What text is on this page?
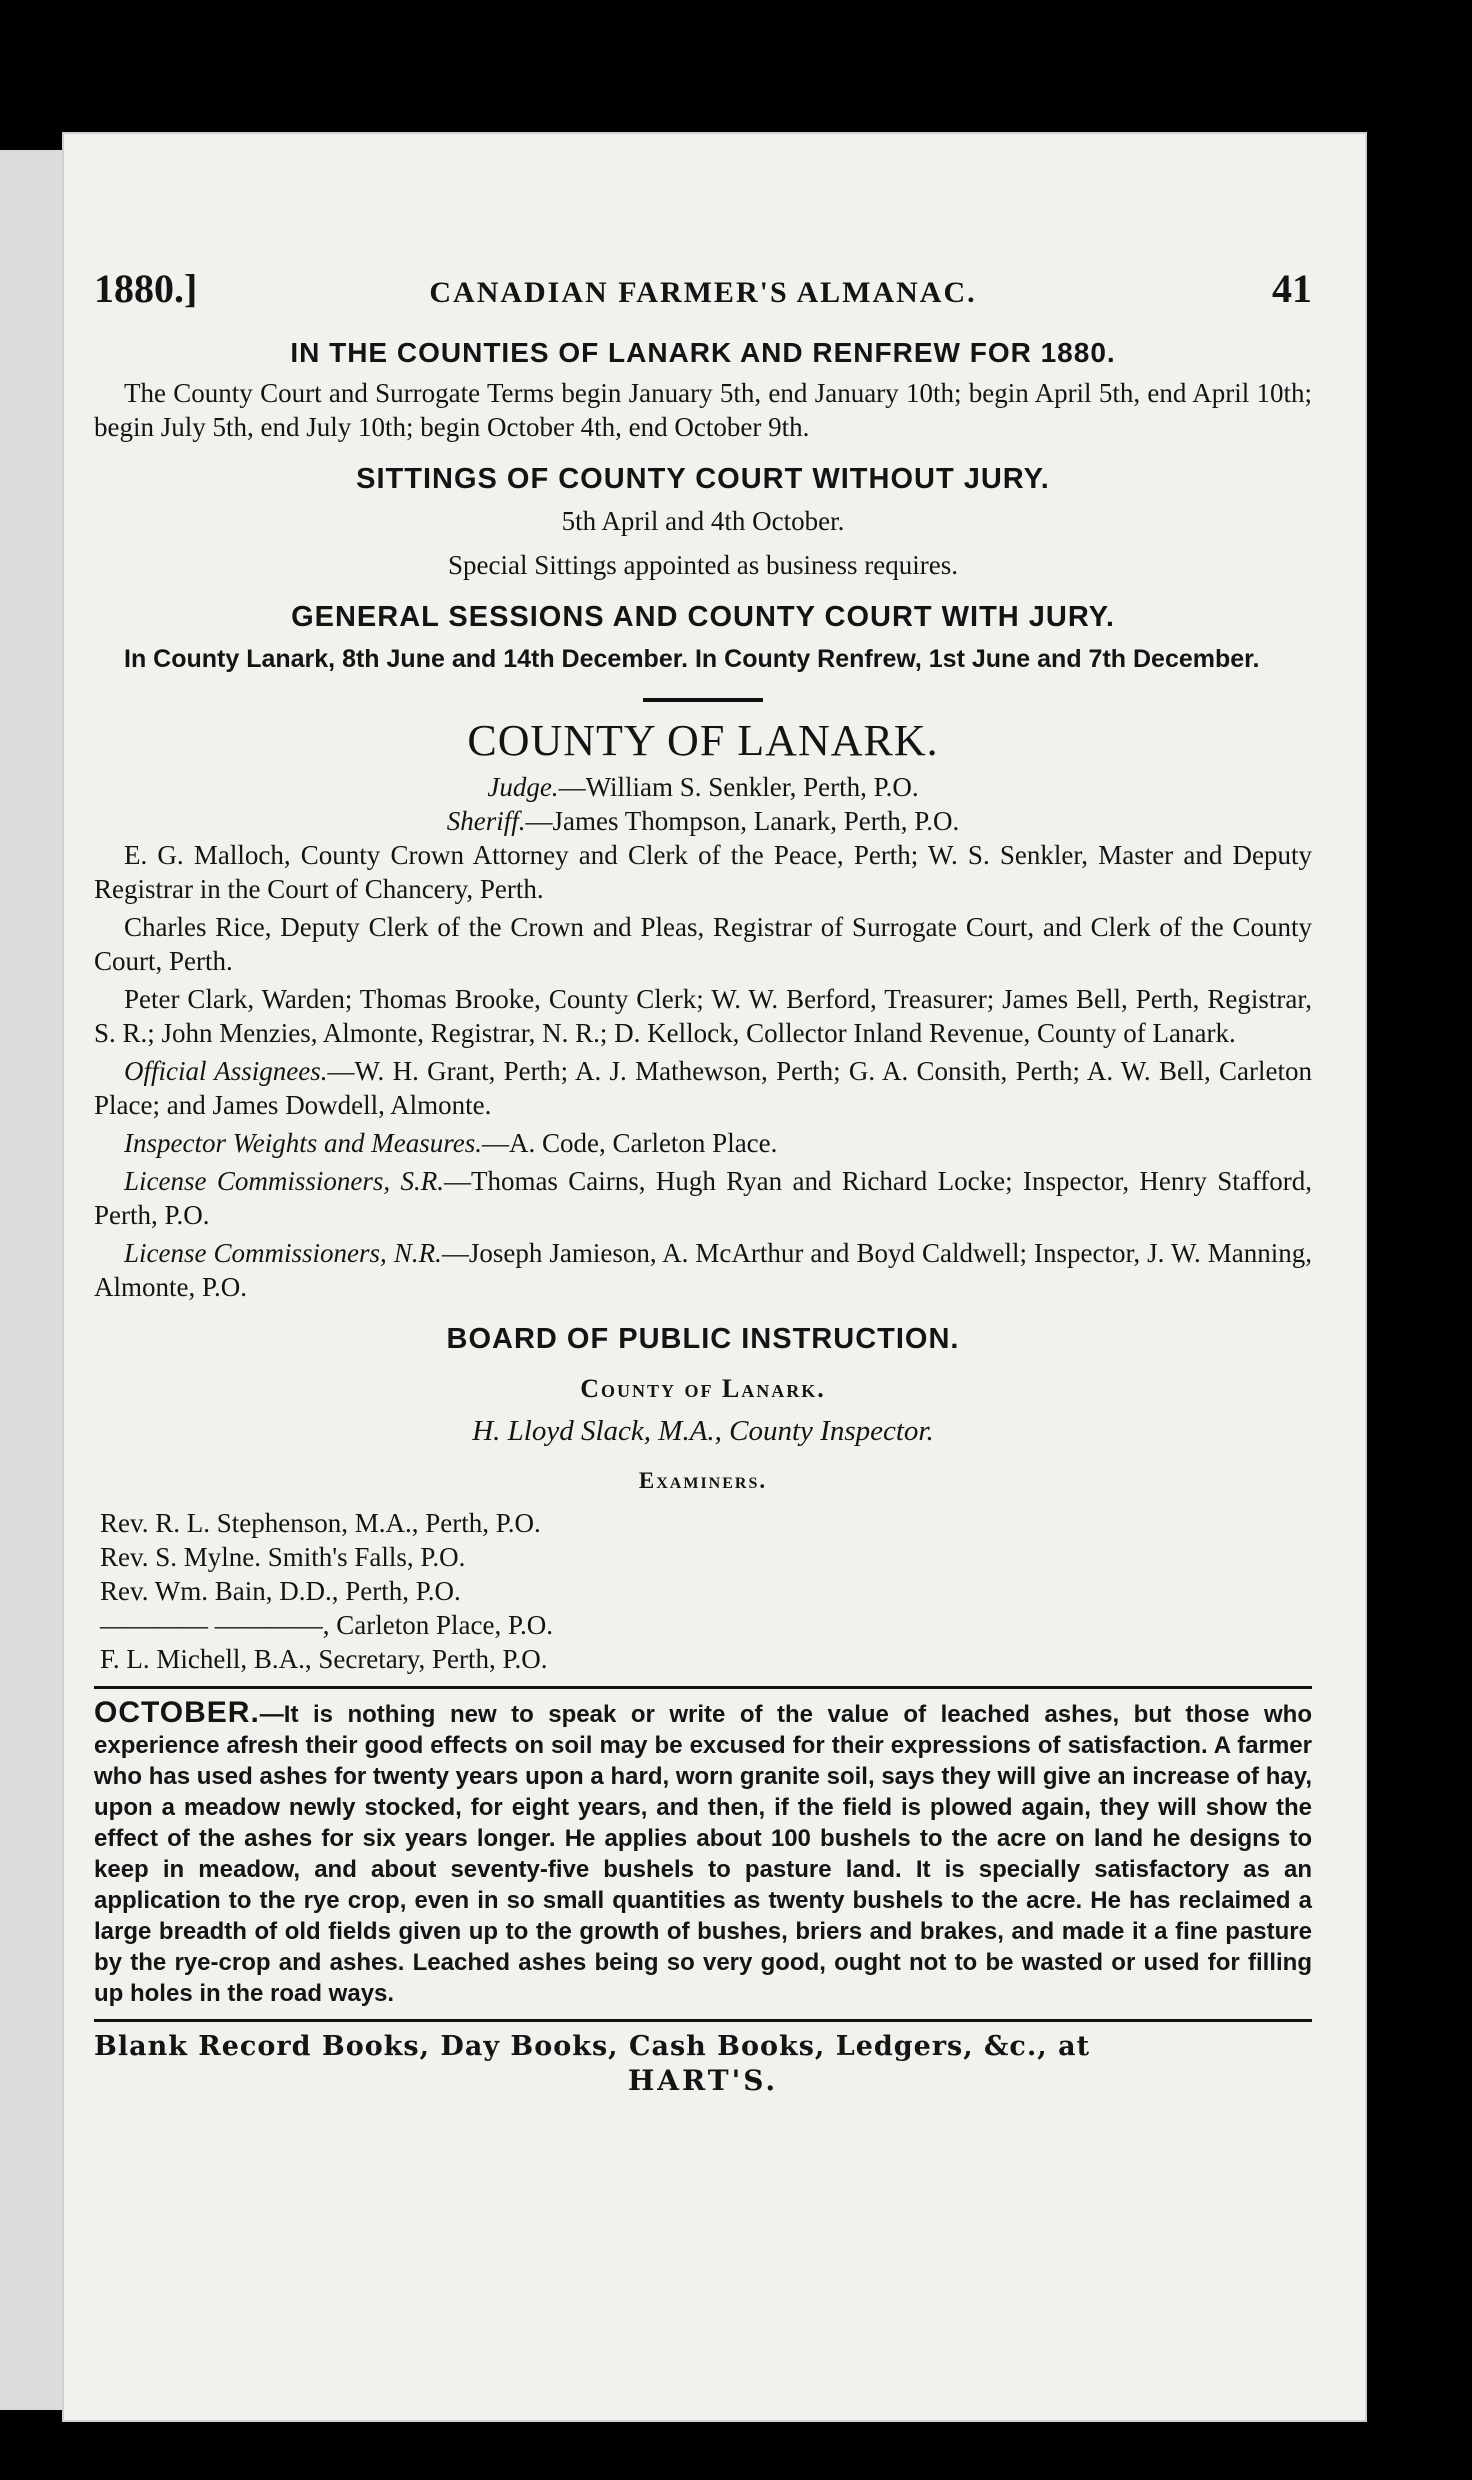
1880.]	CANADIAN FARMER'S ALMANAC.	41
IN THE COUNTIES OF LANARK AND RENFREW FOR 1880.

The County Court and Surrogate Terms begin January 5th, end January 10th; begin April 5th, end April 10th; begin July 5th, end July 10th; begin October 4th, end October 9th.

SITTINGS OF COUNTY COURT WITHOUT JURY.
5th April and 4th October.
Special Sittings appointed as business requires.
GENERAL SESSIONS AND COUNTY COURT WITH JURY.

In County Lanark, 8th June and 14th December. In County Renfrew, 1st June and 7th December.

COUNTY OF LANARK.
Judge.—William S. Senkler, Perth, P.O.
Sheriff.—James Thompson, Lanark, Perth, P.O.

E. G. Malloch, County Crown Attorney and Clerk of the Peace, Perth; W. S. Senkler, Master and Deputy Registrar in the Court of Chancery, Perth.

Charles Rice, Deputy Clerk of the Crown and Pleas, Registrar of Surrogate Court, and Clerk of the County Court, Perth.

Peter Clark, Warden; Thomas Brooke, County Clerk; W. W. Berford, Treasurer; James Bell, Perth, Registrar, S. R.; John Menzies, Almonte, Registrar, N. R.; D. Kellock, Collector Inland Revenue, County of Lanark.

Official Assignees.—W. H. Grant, Perth; A. J. Mathewson, Perth; G. A. Consith, Perth; A. W. Bell, Carleton Place; and James Dowdell, Almonte.

Inspector Weights and Measures.—A. Code, Carleton Place.

License Commissioners, S.R.—Thomas Cairns, Hugh Ryan and Richard Locke; Inspector, Henry Stafford, Perth, P.O.

License Commissioners, N.R.—Joseph Jamieson, A. McArthur and Boyd Caldwell; Inspector, J. W. Manning, Almonte, P.O.

BOARD OF PUBLIC INSTRUCTION.
County of Lanark.
H. Lloyd Slack, M.A., County Inspector.
Examiners.
Rev. R. L. Stephenson, M.A., Perth, P.O.
Rev. S. Mylne. Smith's Falls, P.O.
Rev. Wm. Bain, D.D., Perth, P.O.
———— ————, Carleton Place, P.O.
F. L. Michell, B.A., Secretary, Perth, P.O.

OCTOBER.—It is nothing new to speak or write of the value of leached ashes, but those who experience afresh their good effects on soil may be excused for their expressions of satisfaction. A farmer who has used ashes for twenty years upon a hard, worn granite soil, says they will give an increase of hay, upon a meadow newly stocked, for eight years, and then, if the field is plowed again, they will show the effect of the ashes for six years longer. He applies about 100 bushels to the acre on land he designs to keep in meadow, and about seventy-five bushels to pasture land. It is specially satisfactory as an application to the rye crop, even in so small quantities as twenty bushels to the acre. He has reclaimed a large breadth of old fields given up to the growth of bushes, briers and brakes, and made it a fine pasture by the rye-crop and ashes. Leached ashes being so very good, ought not to be wasted or used for filling up holes in the road ways.

Blank Record Books, Day Books, Cash Books, Ledgers, &c., at
HART'S.
